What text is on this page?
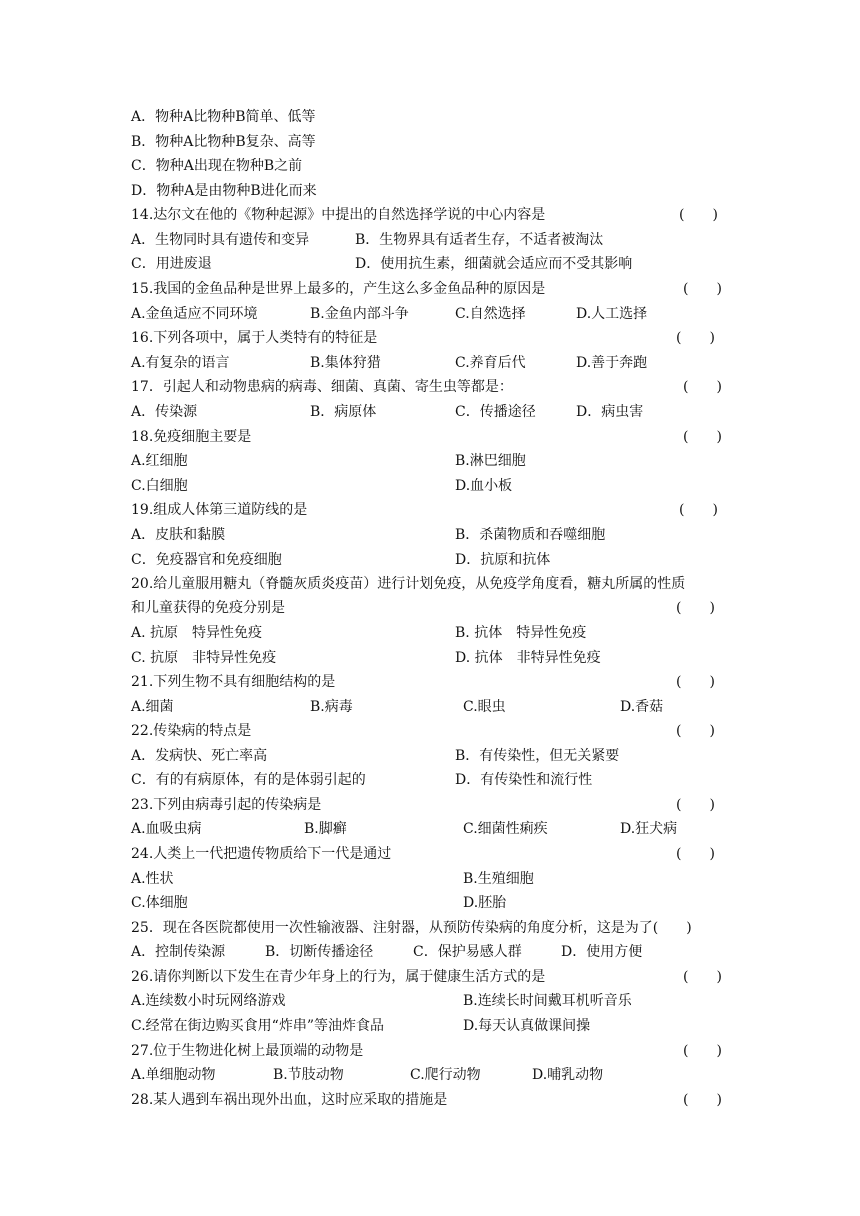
A．物种A比物种B简单、低等
B．物种A比物种B复杂、高等
C．物种A出现在物种B之前
D．物种A是由物种B进化而来
14.达尔文在他的《物种起源》中提出的自然选择学说的中心内容是	(　　)
A．生物同时具有遗传和变异	B．生物界具有适者生存，不适者被淘汰
C．用进废退	D．使用抗生素，细菌就会适应而不受其影响
15.我国的金鱼品种是世界上最多的，产生这么多金鱼品种的原因是	(　　)
A.金鱼适应不同环境	B.金鱼内部斗争	C.自然选择	D.人工选择
16.下列各项中，属于人类特有的特征是	(　　)
A.有复杂的语言	B.集体狩猎	C.养育后代	D.善于奔跑
17．引起人和动物患病的病毒、细菌、真菌、寄生虫等都是：	(　　)
A．传染源	B．病原体	C．传播途径	D．病虫害
18.免疫细胞主要是	(　　)
A.红细胞	B.淋巴细胞
C.白细胞	D.血小板
19.组成人体第三道防线的是	(　　)
A．皮肤和黏膜	B．杀菌物质和吞噬细胞
C．免疫器官和免疫细胞	D．抗原和抗体
20.给儿童服用糖丸（脊髓灰质炎疫苗）进行计划免疫，从免疫学角度看，糖丸所属的性质
和儿童获得的免疫分别是	(　　)
A. 抗原　特异性免疫	B. 抗体　特异性免疫
C. 抗原　非特异性免疫	D. 抗体　非特异性免疫
21.下列生物不具有细胞结构的是	(　　)
A.细菌	B.病毒	C.眼虫	D.香菇
22.传染病的特点是	(　　)
A．发病快、死亡率高	B．有传染性，但无关紧要
C．有的有病原体，有的是体弱引起的	D．有传染性和流行性
23.下列由病毒引起的传染病是	(　　)
A.血吸虫病	B.脚癣	C.细菌性痢疾	D.狂犬病
24.人类上一代把遗传物质给下一代是通过	(　　)
A.性状	B.生殖细胞
C.体细胞	D.胚胎
25．现在各医院都使用一次性输液器、注射器，从预防传染病的角度分析，这是为了(　　)
A．控制传染源	B．切断传播途径	C．保护易感人群	D．使用方便
26.请你判断以下发生在青少年身上的行为，属于健康生活方式的是	(　　)
A.连续数小时玩网络游戏	B.连续长时间戴耳机听音乐
C.经常在街边购买食用“炸串”等油炸食品	D.每天认真做课间操
27.位于生物进化树上最顶端的动物是	(　　)
A.单细胞动物	B.节肢动物	C.爬行动物	D.哺乳动物
28.某人遇到车祸出现外出血，这时应采取的措施是	(　　)
